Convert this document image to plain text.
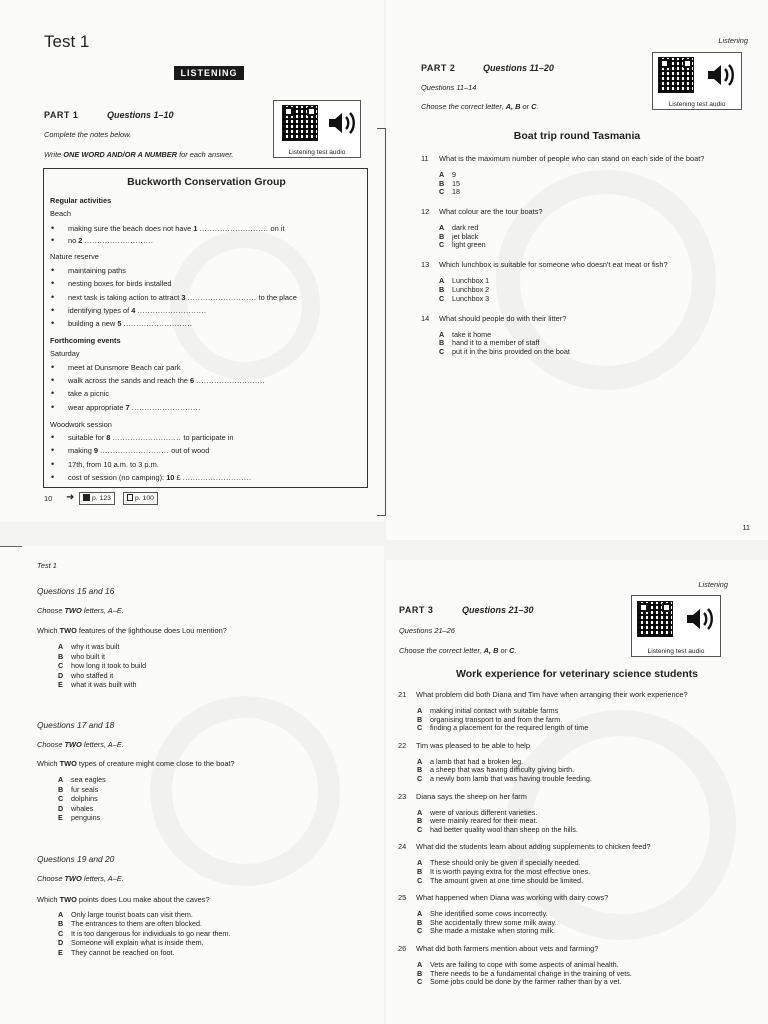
Test 1
LISTENING
PART 1	Questions 1–10
Complete the notes below.
Write ONE WORD AND/OR A NUMBER for each answer.	Listening test audio
Buckworth Conservation Group
Regular activities
Beach
• making sure the beach does not have 1 ........................... on it
• no 2 ...........................
Nature reserve
• maintaining paths
• nesting boxes for birds installed
• next task is taking action to attract 3 ........................... to the place
• identifying types of 4 ...........................
• building a new 5 ...........................
Forthcoming events
Saturday
• meet at Dunsmore Beach car park
• walk across the sands and reach the 6 ...........................
• take a picnic
• wear appropriate 7 ...........................
Woodwork session
• suitable for 8 ........................... to participate in
• making 9 ........................... out of wood
• 17th, from 10 a.m. to 3 p.m.
• cost of session (no camping): 10 £ ...........................
10 ➜	p. 123	p. 100
Listening
PART 2	Questions 11–20
Questions 11–14
Choose the correct letter, A, B or C.	Listening test audio
Boat trip round Tasmania
11 What is the maximum number of people who can stand on each side of the boat?
A 9
B 15
C 18
12 What colour are the tour boats?
A dark red
B jet black
C light green
13 Which lunchbox is suitable for someone who doesn't eat meat or fish?
A Lunchbox 1
B Lunchbox 2
C Lunchbox 3
14 What should people do with their litter?
A take it home
B hand it to a member of staff
C put it in the bins provided on the boat
11
Test 1
Questions 15 and 16
Choose TWO letters, A–E.
Which TWO features of the lighthouse does Lou mention?
A why it was built
B who built it
C how long it took to build
D who staffed it
E what it was built with
Questions 17 and 18
Choose TWO letters, A–E.
Which TWO types of creature might come close to the boat?
A sea eagles
B fur seals
C dolphins
D whales
E penguins
Questions 19 and 20
Choose TWO letters, A–E.
Which TWO points does Lou make about the caves?
A Only large tourist boats can visit them.
B The entrances to them are often blocked.
C It is too dangerous for individuals to go near them.
D Someone will explain what is inside them.
E They cannot be reached on foot.
Listening
PART 3	Questions 21–30
Questions 21–26
Choose the correct letter, A, B or C.	Listening test audio
Work experience for veterinary science students
21 What problem did both Diana and Tim have when arranging their work experience?
A making initial contact with suitable farms
B organising transport to and from the farm
C finding a placement for the required length of time
22 Tim was pleased to be able to help
A a lamb that had a broken leg.
B a sheep that was having difficulty giving birth.
C a newly born lamb that was having trouble feeding.
23 Diana says the sheep on her farm
A were of various different varieties.
B were mainly reared for their meat.
C had better quality wool than sheep on the hills.
24 What did the students learn about adding supplements to chicken feed?
A These should only be given if specially needed.
B It is worth paying extra for the most effective ones.
C The amount given at one time should be limited.
25 What happened when Diana was working with dairy cows?
A She identified some cows incorrectly.
B She accidentally threw some milk away.
C She made a mistake when storing milk.
26 What did both farmers mention about vets and farming?
A Vets are failing to cope with some aspects of animal health.
B There needs to be a fundamental change in the training of vets.
C Some jobs could be done by the farmer rather than by a vet.
